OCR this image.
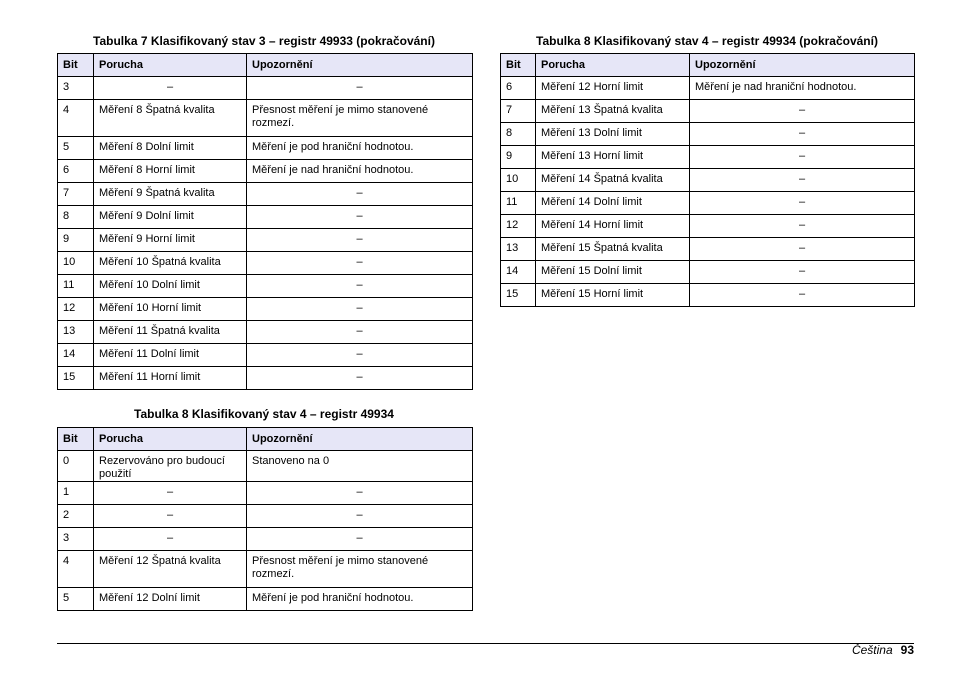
Tabulka 7 Klasifikovaný stav 3 – registr 49933 (pokračování)
Bit	Porucha	Upozornění
3	–	–
4	Měření 8 Špatná kvalita	Přesnost měření je mimo stanovené rozmezí.
5	Měření 8 Dolní limit	Měření je pod hraniční hodnotou.
6	Měření 8 Horní limit	Měření je nad hraniční hodnotou.
7	Měření 9 Špatná kvalita	–
8	Měření 9 Dolní limit	–
9	Měření 9 Horní limit	–
10	Měření 10 Špatná kvalita	–
11	Měření 10 Dolní limit	–
12	Měření 10 Horní limit	–
13	Měření 11 Špatná kvalita	–
14	Měření 11 Dolní limit	–
15	Měření 11 Horní limit	–
Tabulka 8 Klasifikovaný stav 4 – registr 49934
Bit	Porucha	Upozornění
0	Rezervováno pro budoucí použití	Stanoveno na 0
1	–	–
2	–	–
3	–	–
4	Měření 12 Špatná kvalita	Přesnost měření je mimo stanovené rozmezí.
5	Měření 12 Dolní limit	Měření je pod hraniční hodnotou.
Tabulka 8 Klasifikovaný stav 4 – registr 49934 (pokračování)
Bit	Porucha	Upozornění
6	Měření 12 Horní limit	Měření je nad hraniční hodnotou.
7	Měření 13 Špatná kvalita	–
8	Měření 13 Dolní limit	–
9	Měření 13 Horní limit	–
10	Měření 14 Špatná kvalita	–
11	Měření 14 Dolní limit	–
12	Měření 14 Horní limit	–
13	Měření 15 Špatná kvalita	–
14	Měření 15 Dolní limit	–
15	Měření 15 Horní limit	–
Čeština 93
